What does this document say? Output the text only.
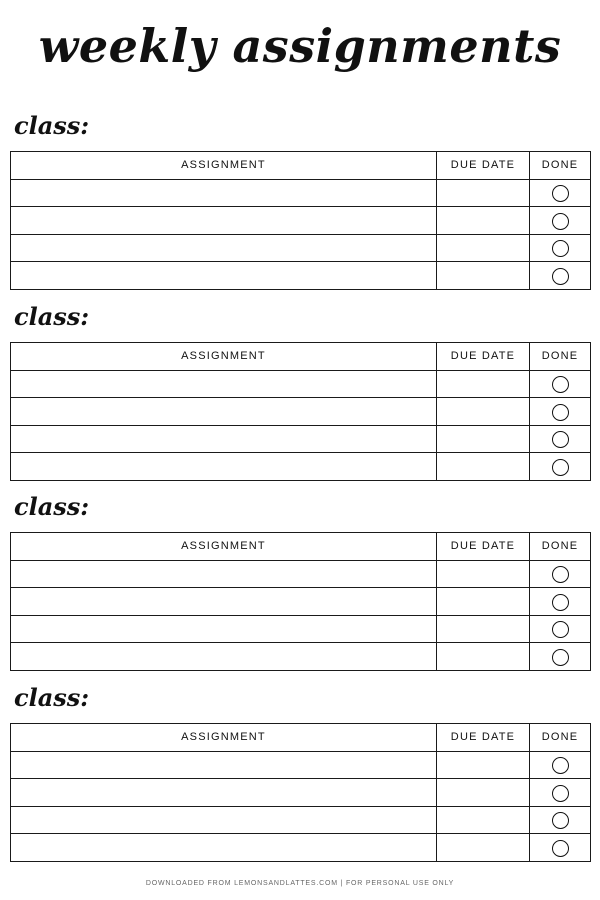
weekly assignments
class:
ASSIGNMENT	DUE DATE	DONE

class:
ASSIGNMENT	DUE DATE	DONE

class:
ASSIGNMENT	DUE DATE	DONE

class:
ASSIGNMENT	DUE DATE	DONE

DOWNLOADED FROM LEMONSANDLATTES.COM | FOR PERSONAL USE ONLY
